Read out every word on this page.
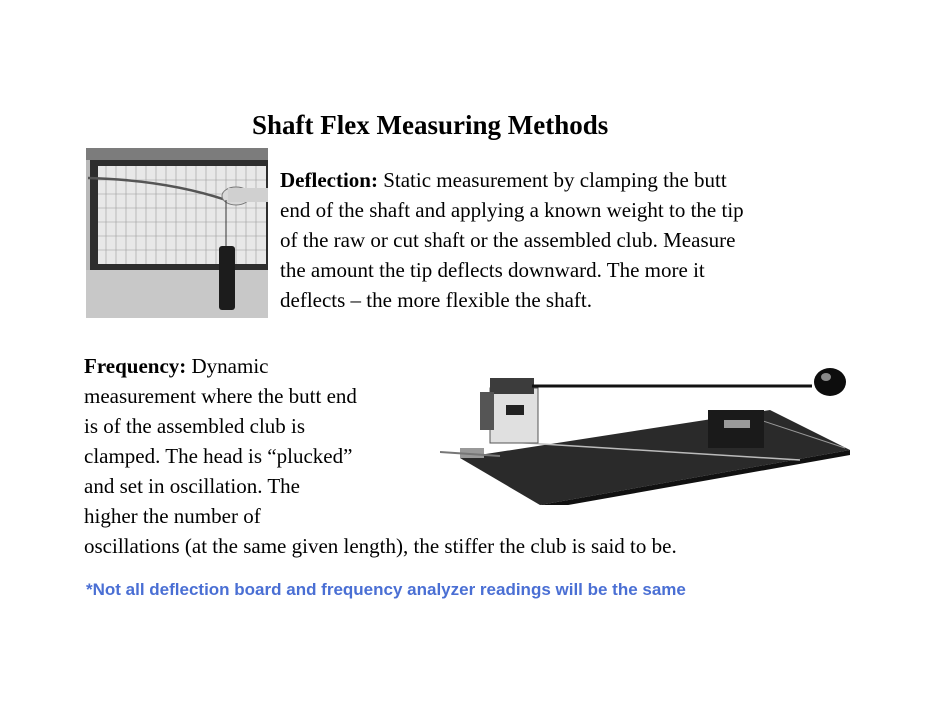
Shaft Flex Measuring Methods
Deflection: Static measurement by clamping the butt
end of the shaft and applying a known weight to the tip
of the raw or cut shaft or the assembled club. Measure
the amount the tip deflects downward. The more it
deflects – the more flexible the shaft.
Frequency: Dynamic
measurement where the butt end
is of the assembled club is
clamped. The head is “plucked”
and set in oscillation. The
higher the number of
oscillations (at the same given length), the stiffer the club is said to be.
*Not all deflection board and frequency analyzer readings will be the same
